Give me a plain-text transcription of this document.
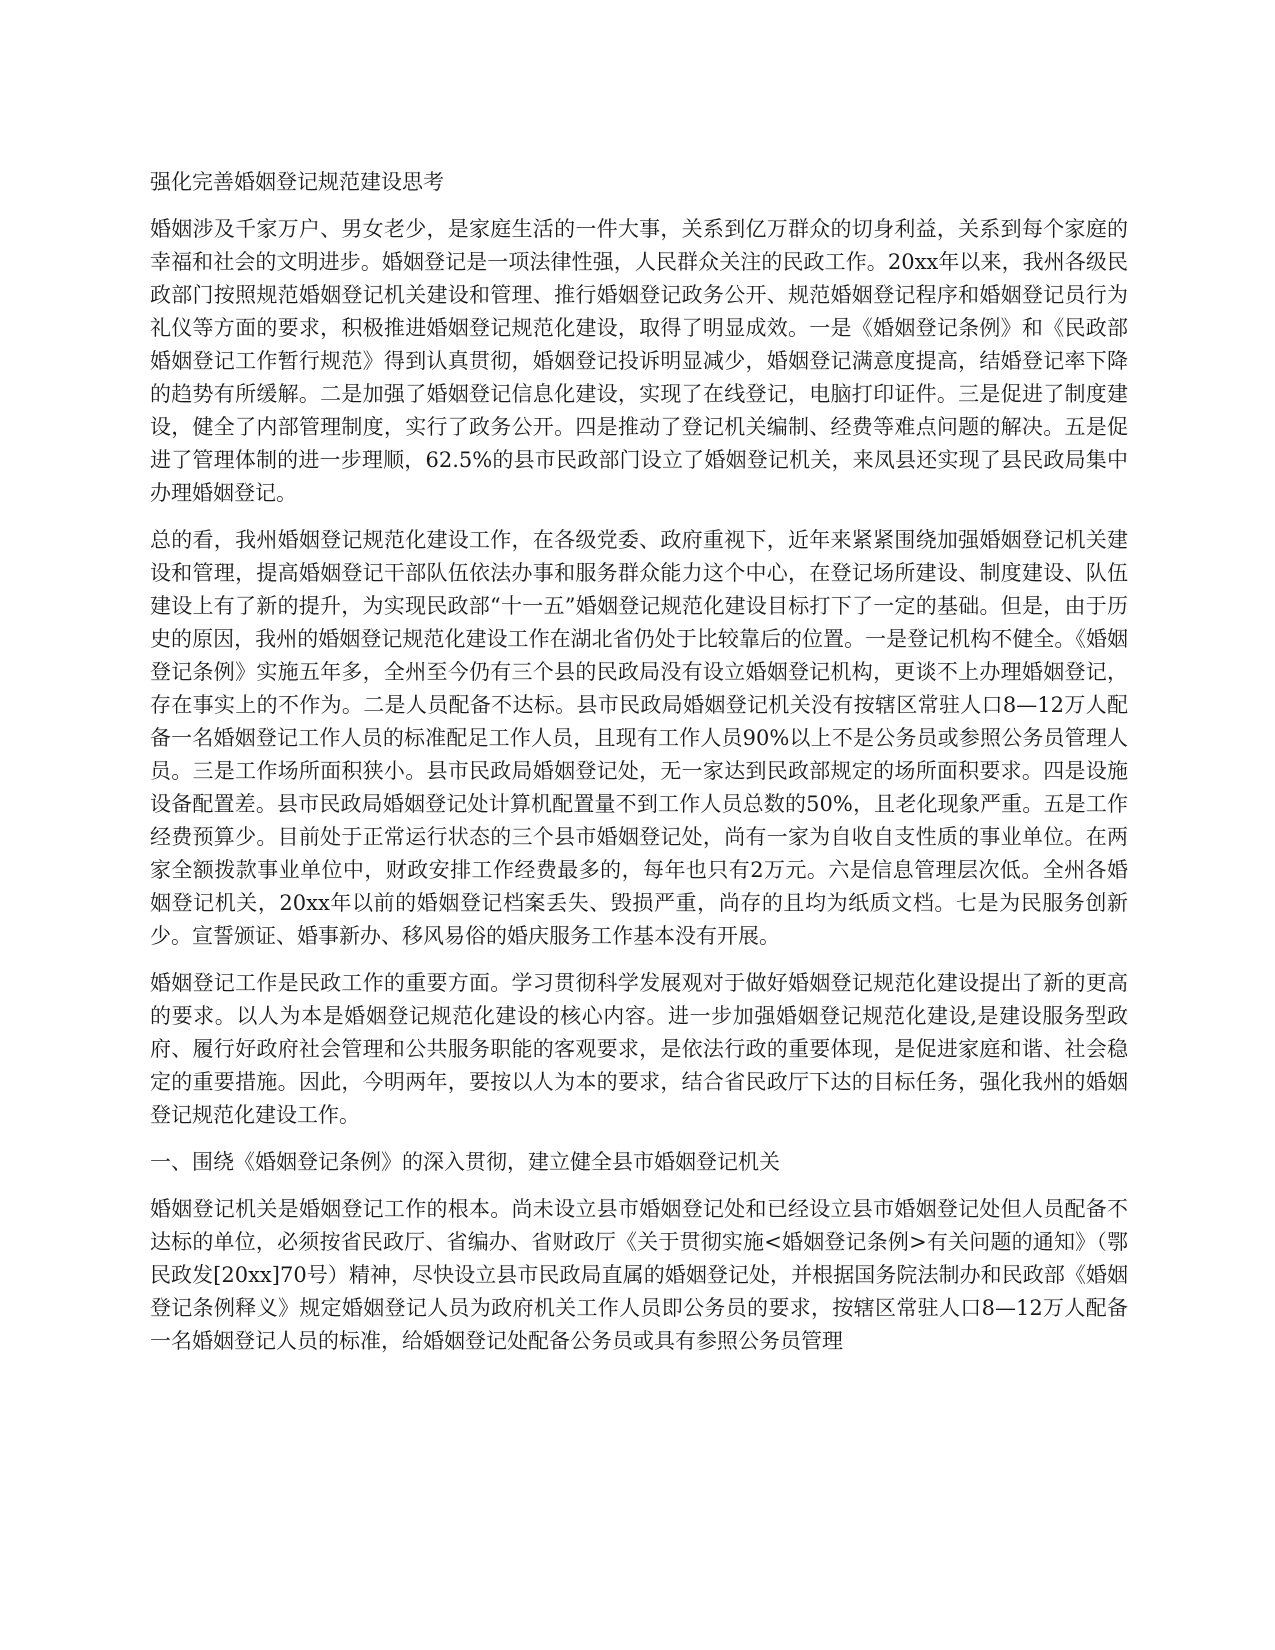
强化完善婚姻登记规范建设思考

婚姻涉及千家万户、男女老少，是家庭生活的一件大事，关系到亿万群众的切身利益，关系到每个家庭的幸福和社会的文明进步。婚姻登记是一项法律性强，人民群众关注的民政工作。20xx年以来，我州各级民政部门按照规范婚姻登记机关建设和管理、推行婚姻登记政务公开、规范婚姻登记程序和婚姻登记员行为礼仪等方面的要求，积极推进婚姻登记规范化建设，取得了明显成效。一是《婚姻登记条例》和《民政部婚姻登记工作暂行规范》得到认真贯彻，婚姻登记投诉明显减少，婚姻登记满意度提高，结婚登记率下降的趋势有所缓解。二是加强了婚姻登记信息化建设，实现了在线登记，电脑打印证件。三是促进了制度建设，健全了内部管理制度，实行了政务公开。四是推动了登记机关编制、经费等难点问题的解决。五是促进了管理体制的进一步理顺，62.5%的县市民政部门设立了婚姻登记机关，来凤县还实现了县民政局集中办理婚姻登记。

总的看，我州婚姻登记规范化建设工作，在各级党委、政府重视下，近年来紧紧围绕加强婚姻登记机关建设和管理，提高婚姻登记干部队伍依法办事和服务群众能力这个中心，在登记场所建设、制度建设、队伍建设上有了新的提升，为实现民政部“十一五”婚姻登记规范化建设目标打下了一定的基础。但是，由于历史的原因，我州的婚姻登记规范化建设工作在湖北省仍处于比较靠后的位置。一是登记机构不健全。《婚姻登记条例》实施五年多，全州至今仍有三个县的民政局没有设立婚姻登记机构，更谈不上办理婚姻登记，存在事实上的不作为。二是人员配备不达标。县市民政局婚姻登记机关没有按辖区常驻人口8—12万人配备一名婚姻登记工作人员的标准配足工作人员，且现有工作人员90%以上不是公务员或参照公务员管理人员。三是工作场所面积狭小。县市民政局婚姻登记处，无一家达到民政部规定的场所面积要求。四是设施设备配置差。县市民政局婚姻登记处计算机配置量不到工作人员总数的50%，且老化现象严重。五是工作经费预算少。目前处于正常运行状态的三个县市婚姻登记处，尚有一家为自收自支性质的事业单位。在两家全额拨款事业单位中，财政安排工作经费最多的，每年也只有2万元。六是信息管理层次低。全州各婚姻登记机关，20xx年以前的婚姻登记档案丢失、毁损严重，尚存的且均为纸质文档。七是为民服务创新少。宣誓颁证、婚事新办、移风易俗的婚庆服务工作基本没有开展。

婚姻登记工作是民政工作的重要方面。学习贯彻科学发展观对于做好婚姻登记规范化建设提出了新的更高的要求。以人为本是婚姻登记规范化建设的核心内容。进一步加强婚姻登记规范化建设,是建设服务型政府、履行好政府社会管理和公共服务职能的客观要求，是依法行政的重要体现，是促进家庭和谐、社会稳定的重要措施。因此，今明两年，要按以人为本的要求，结合省民政厅下达的目标任务，强化我州的婚姻登记规范化建设工作。

一、围绕《婚姻登记条例》的深入贯彻，建立健全县市婚姻登记机关

婚姻登记机关是婚姻登记工作的根本。尚未设立县市婚姻登记处和已经设立县市婚姻登记处但人员配备不达标的单位，必须按省民政厅、省编办、省财政厅《关于贯彻实施<婚姻登记条例>有关问题的通知》（鄂民政发[20xx]70号）精神，尽快设立县市民政局直属的婚姻登记处，并根据国务院法制办和民政部《婚姻登记条例释义》规定婚姻登记人员为政府机关工作人员即公务员的要求，按辖区常驻人口8—12万人配备一名婚姻登记人员的标准，给婚姻登记处配备公务员或具有参照公务员管理
